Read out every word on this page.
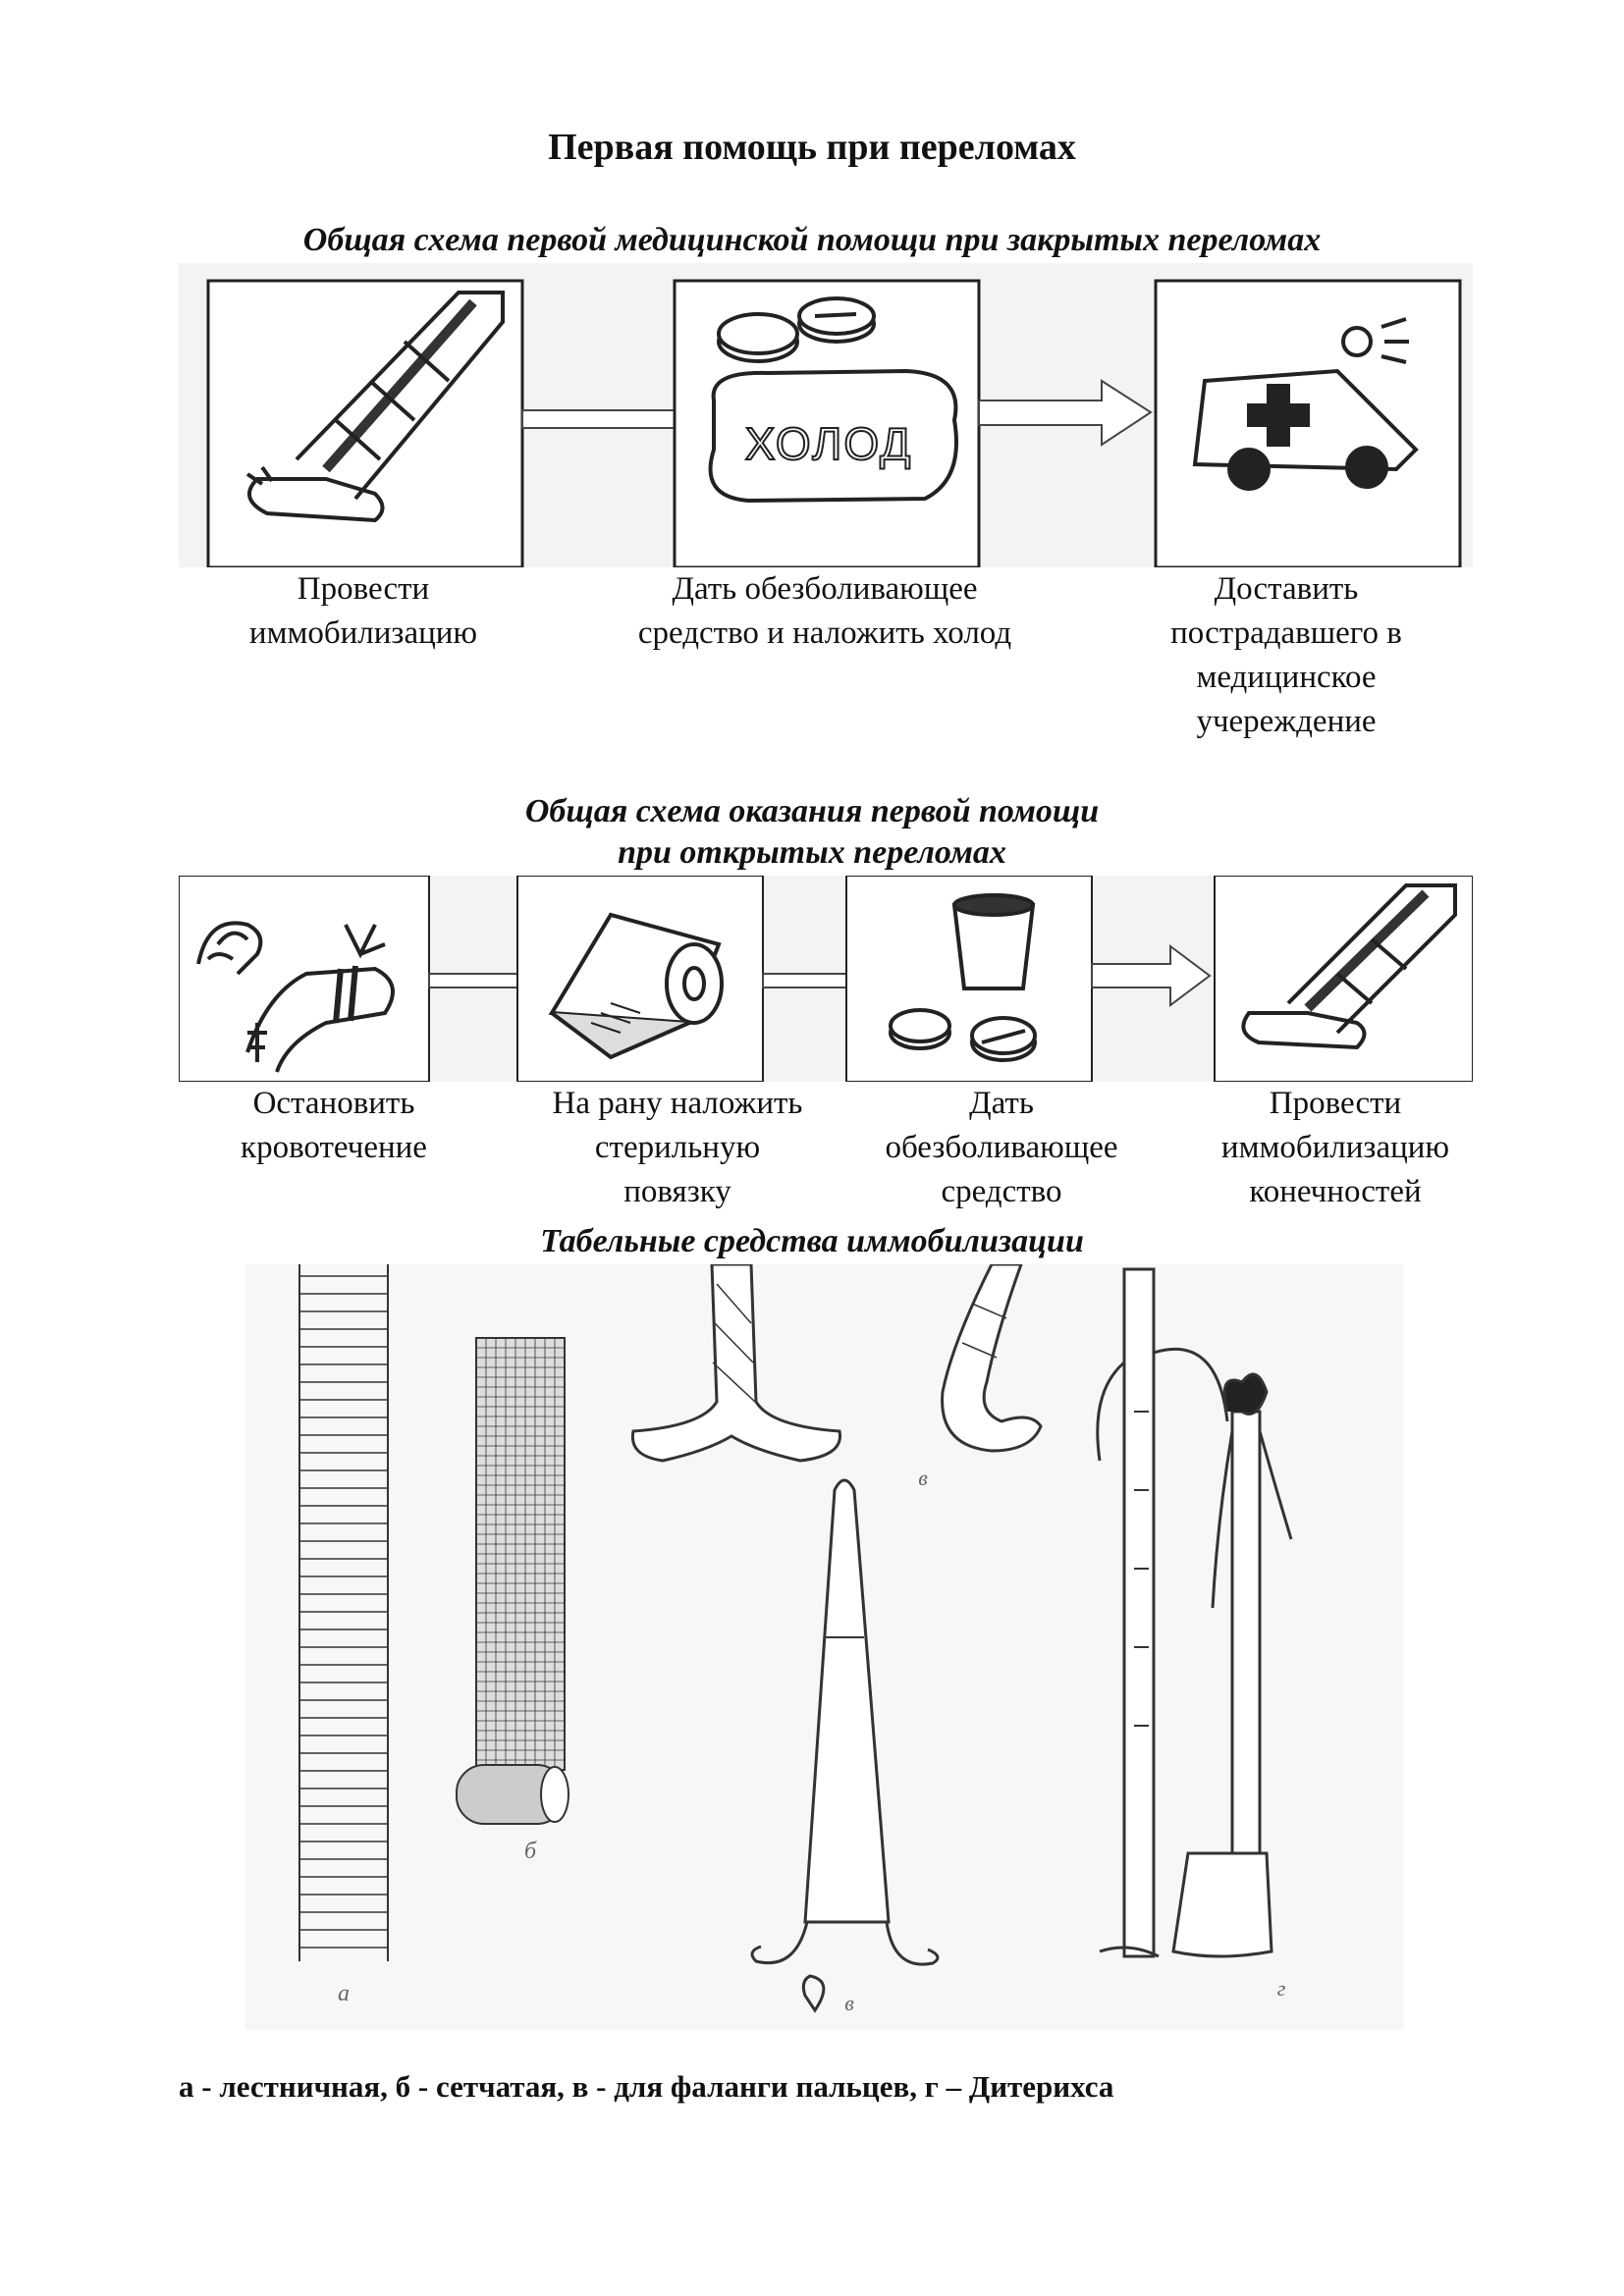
Первая помощь при переломах
Общая схема первой медицинской помощи при закрытых переломах
ХОЛОД
Провести
иммобилизацию
Дать обезболивающее
средство и наложить холод
Доставить
пострадавшего в
медицинское
учереждение
Общая схема оказания первой помощи
при открытых переломах
Остановить
кровотечение
На рану наложить
стерильную
повязку
Дать
обезболивающее
средство
Провести
иммобилизацию
конечностей
Табельные средства иммобилизации
а
б
в
в
г
а - лестничная, б - сетчатая, в - для фаланги пальцев, г – Дитерихса
